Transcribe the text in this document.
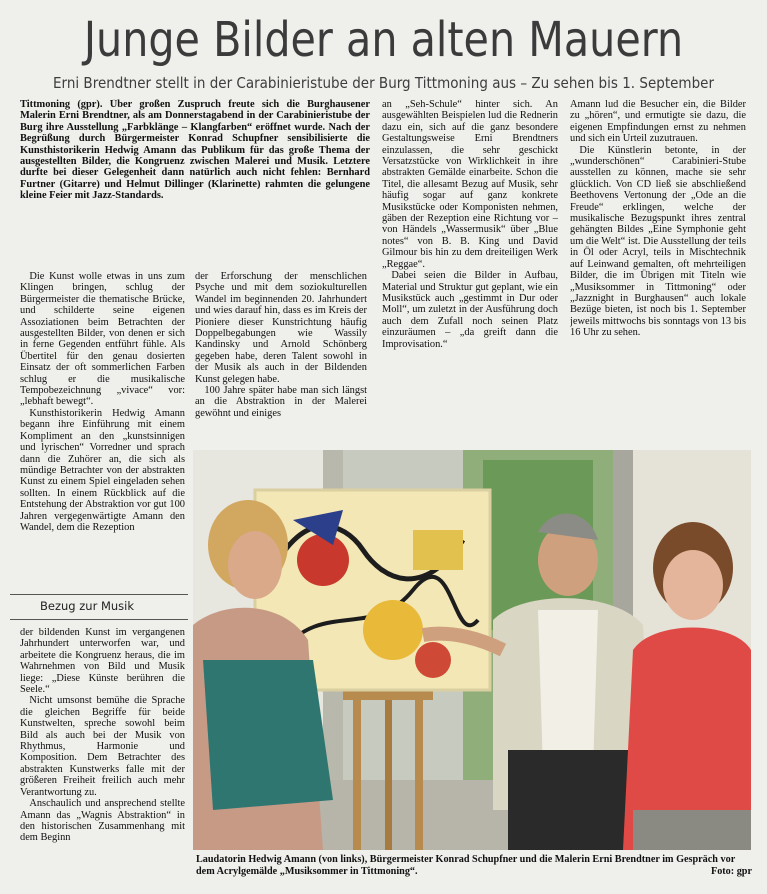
Junge Bilder an alten Mauern
Erni Brendtner stellt in der Carabinieristube der Burg Tittmoning aus – Zu sehen bis 1. September

Tittmoning (gpr). Über großen Zuspruch freute sich die Burghausener Malerin Erni Brendtner, als am Donnerstagabend in der Carabinieristube der Burg ihre Ausstellung „Farbklänge – Klangfarben“ eröffnet wurde. Nach der Begrüßung durch Bürgermeister Konrad Schupfner sensibilisierte die Kunsthistorikerin Hedwig Amann das Publikum für das große Thema der ausgestellten Bilder, die Kongruenz zwischen Malerei und Musik. Letztere durfte bei dieser Gelegenheit dann natürlich auch nicht fehlen: Bernhard Furtner (Gitarre) und Helmut Dillinger (Klarinette) rahmten die gelungene kleine Feier mit Jazz-Standards.

Die Kunst wolle etwas in uns zum Klingen bringen, schlug der Bürgermeister die thematische Brücke, und schilderte seine eigenen Assoziationen beim Betrachten der ausgestellten Bilder, von denen er sich in ferne Gegenden entführt fühle. Als Übertitel für den genau dosierten Einsatz der oft sommerlichen Farben schlug er die musikalische Tempobezeichnung „vivace“ vor: „lebhaft bewegt“.

Kunsthistorikerin Hedwig Amann begann ihre Einführung mit einem Kompliment an den „kunstsinnigen und lyrischen“ Vorredner und sprach dann die Zuhörer an, die sich als mündige Betrachter von der abstrakten Kunst zu einem Spiel eingeladen sehen sollten. In einem Rückblick auf die Entstehung der Abstraktion vor gut 100 Jahren vergegenwärtigte Amann den Wandel, dem die Rezeption

Bezug zur Musik

der bildenden Kunst im vergangenen Jahrhundert unterworfen war, und arbeitete die Kongruenz heraus, die im Wahrnehmen von Bild und Musik liege: „Diese Künste berühren die Seele.“

Nicht umsonst bemühe die Sprache die gleichen Begriffe für beide Kunstwelten, spreche sowohl beim Bild als auch bei der Musik von Rhythmus, Harmonie und Komposition. Dem Betrachter des abstrakten Kunstwerks falle mit der größeren Freiheit freilich auch mehr Verantwortung zu.

Anschaulich und ansprechend stellte Amann das „Wagnis Abstraktion“ in den historischen Zusammenhang mit dem Beginn

der Erforschung der menschlichen Psyche und mit dem soziokulturellen Wandel im beginnenden 20. Jahrhundert und wies darauf hin, dass es im Kreis der Pioniere dieser Kunstrichtung häufig Doppelbegabungen wie Wassily Kandinsky und Arnold Schönberg gegeben habe, deren Talent sowohl in der Musik als auch in der Bildenden Kunst gelegen habe.

100 Jahre später habe man sich längst an die Abstraktion in der Malerei gewöhnt und einiges

an „Seh-Schule“ hinter sich. An ausgewählten Beispielen lud die Rednerin dazu ein, sich auf die ganz besondere Gestaltungsweise Erni Brendtners einzulassen, die sehr geschickt Versatzstücke von Wirklichkeit in ihre abstrakten Gemälde einarbeite. Schon die Titel, die allesamt Bezug auf Musik, sehr häufig sogar auf ganz konkrete Musikstücke oder Komponisten nehmen, gäben der Rezeption eine Richtung vor – von Händels „Wassermusik“ über „Blue notes“ von B. B. King und David Gilmour bis hin zu dem dreiteiligen Werk „Reggae“.

Dabei seien die Bilder in Aufbau, Material und Struktur gut geplant, wie ein Musikstück auch „gestimmt in Dur oder Moll“, um zuletzt in der Ausführung doch auch dem Zufall noch seinen Platz einzuräumen – „da greift dann die Improvisation.“

Amann lud die Besucher ein, die Bilder zu „hören“, und ermutigte sie dazu, die eigenen Empfindungen ernst zu nehmen und sich ein Urteil zuzutrauen.

Die Künstlerin betonte, in der „wunderschönen“ Carabinieri-Stube ausstellen zu können, mache sie sehr glücklich. Von CD ließ sie abschließend Beethovens Vertonung der „Ode an die Freude“ erklingen, welche der musikalische Bezugspunkt ihres zentral gehängten Bildes „Eine Symphonie geht um die Welt“ ist. Die Ausstellung der teils in Öl oder Acryl, teils in Mischtechnik auf Leinwand gemalten, oft mehrteiligen Bilder, die im Übrigen mit Titeln wie „Musiksommer in Tittmoning“ oder „Jazznight in Burghausen“ auch lokale Bezüge bieten, ist noch bis 1. September jeweils mittwochs bis sonntags von 13 bis 16 Uhr zu sehen.

Laudatorin Hedwig Amann (von links), Bürgermeister Konrad Schupfner und die Malerin Erni Brendtner im Gespräch vor dem Acrylgemälde „Musiksommer in Tittmoning“.	Foto: gpr
